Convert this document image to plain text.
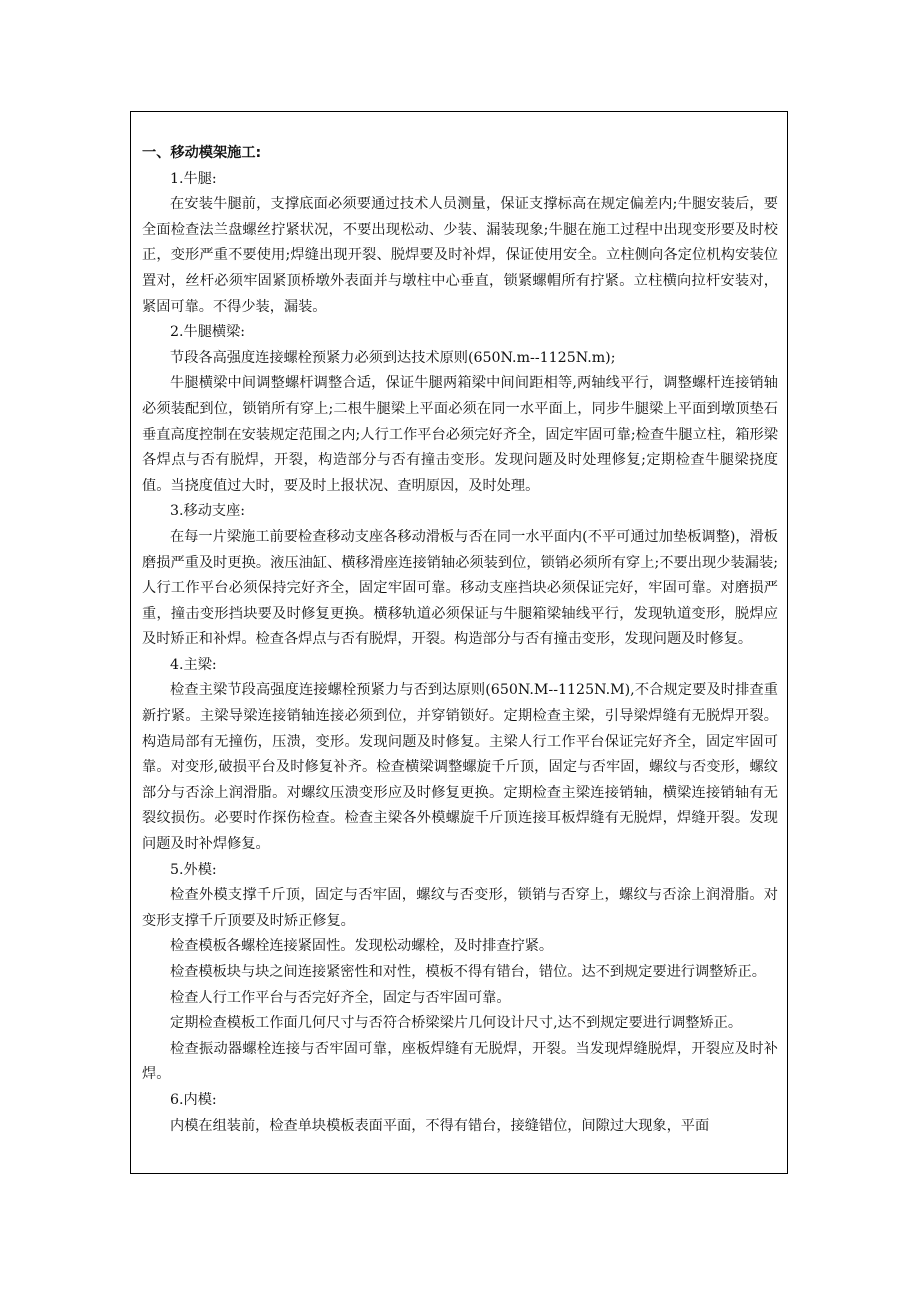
一、移动模架施工:

1.牛腿:

在安装牛腿前，支撑底面必须要通过技术人员测量，保证支撑标高在规定偏差内;牛腿安装后，要全面检查法兰盘螺丝拧紧状况，不要出现松动、少装、漏装现象;牛腿在施工过程中出现变形要及时校正，变形严重不要使用;焊缝出现开裂、脱焊要及时补焊，保证使用安全。立柱侧向各定位机构安装位置对，丝杆必须牢固紧顶桥墩外表面并与墩柱中心垂直，锁紧螺帽所有拧紧。立柱横向拉杆安装对，紧固可靠。不得少装，漏装。

2.牛腿横梁:

节段各高强度连接螺栓预紧力必须到达技术原则(650N.m--1125N.m);

牛腿横梁中间调整螺杆调整合适，保证牛腿两箱梁中间间距相等,两轴线平行，调整螺杆连接销轴必须装配到位，锁销所有穿上;二根牛腿梁上平面必须在同一水平面上，同步牛腿梁上平面到墩顶垫石垂直高度控制在安装规定范围之内;人行工作平台必须完好齐全，固定牢固可靠;检查牛腿立柱，箱形梁各焊点与否有脱焊，开裂，构造部分与否有撞击变形。发现问题及时处理修复;定期检查牛腿梁挠度值。当挠度值过大时，要及时上报状况、查明原因，及时处理。

3.移动支座:

在每一片梁施工前要检查移动支座各移动滑板与否在同一水平面内(不平可通过加垫板调整)，滑板磨损严重及时更换。液压油缸、横移滑座连接销轴必须装到位，锁销必须所有穿上;不要出现少装漏装;人行工作平台必须保持完好齐全，固定牢固可靠。移动支座挡块必须保证完好，牢固可靠。对磨损严重，撞击变形挡块要及时修复更换。横移轨道必须保证与牛腿箱梁轴线平行，发现轨道变形，脱焊应及时矫正和补焊。检查各焊点与否有脱焊，开裂。构造部分与否有撞击变形，发现问题及时修复。

4.主梁:

检查主梁节段高强度连接螺栓预紧力与否到达原则(650N.M--1125N.M),不合规定要及时排查重新拧紧。主梁导梁连接销轴连接必须到位，并穿销锁好。定期检查主梁，引导梁焊缝有无脱焊开裂。构造局部有无撞伤，压溃，变形。发现问题及时修复。主梁人行工作平台保证完好齐全，固定牢固可靠。对变形,破损平台及时修复补齐。检查横梁调整螺旋千斤顶，固定与否牢固，螺纹与否变形，螺纹部分与否涂上润滑脂。对螺纹压溃变形应及时修复更换。定期检查主梁连接销轴，横梁连接销轴有无裂纹损伤。必要时作探伤检查。检查主梁各外模螺旋千斤顶连接耳板焊缝有无脱焊，焊缝开裂。发现问题及时补焊修复。

5.外模:

检查外模支撑千斤顶，固定与否牢固，螺纹与否变形，锁销与否穿上，螺纹与否涂上润滑脂。对变形支撑千斤顶要及时矫正修复。

检查模板各螺栓连接紧固性。发现松动螺栓，及时排查拧紧。

检查模板块与块之间连接紧密性和对性，模板不得有错台，错位。达不到规定要进行调整矫正。

检查人行工作平台与否完好齐全，固定与否牢固可靠。

定期检查模板工作面几何尺寸与否符合桥梁梁片几何设计尺寸,达不到规定要进行调整矫正。

检查振动器螺栓连接与否牢固可靠，座板焊缝有无脱焊，开裂。当发现焊缝脱焊，开裂应及时补焊。

6.内模:

内模在组装前，检查单块模板表面平面，不得有错台，接缝错位，间隙过大现象，平面
